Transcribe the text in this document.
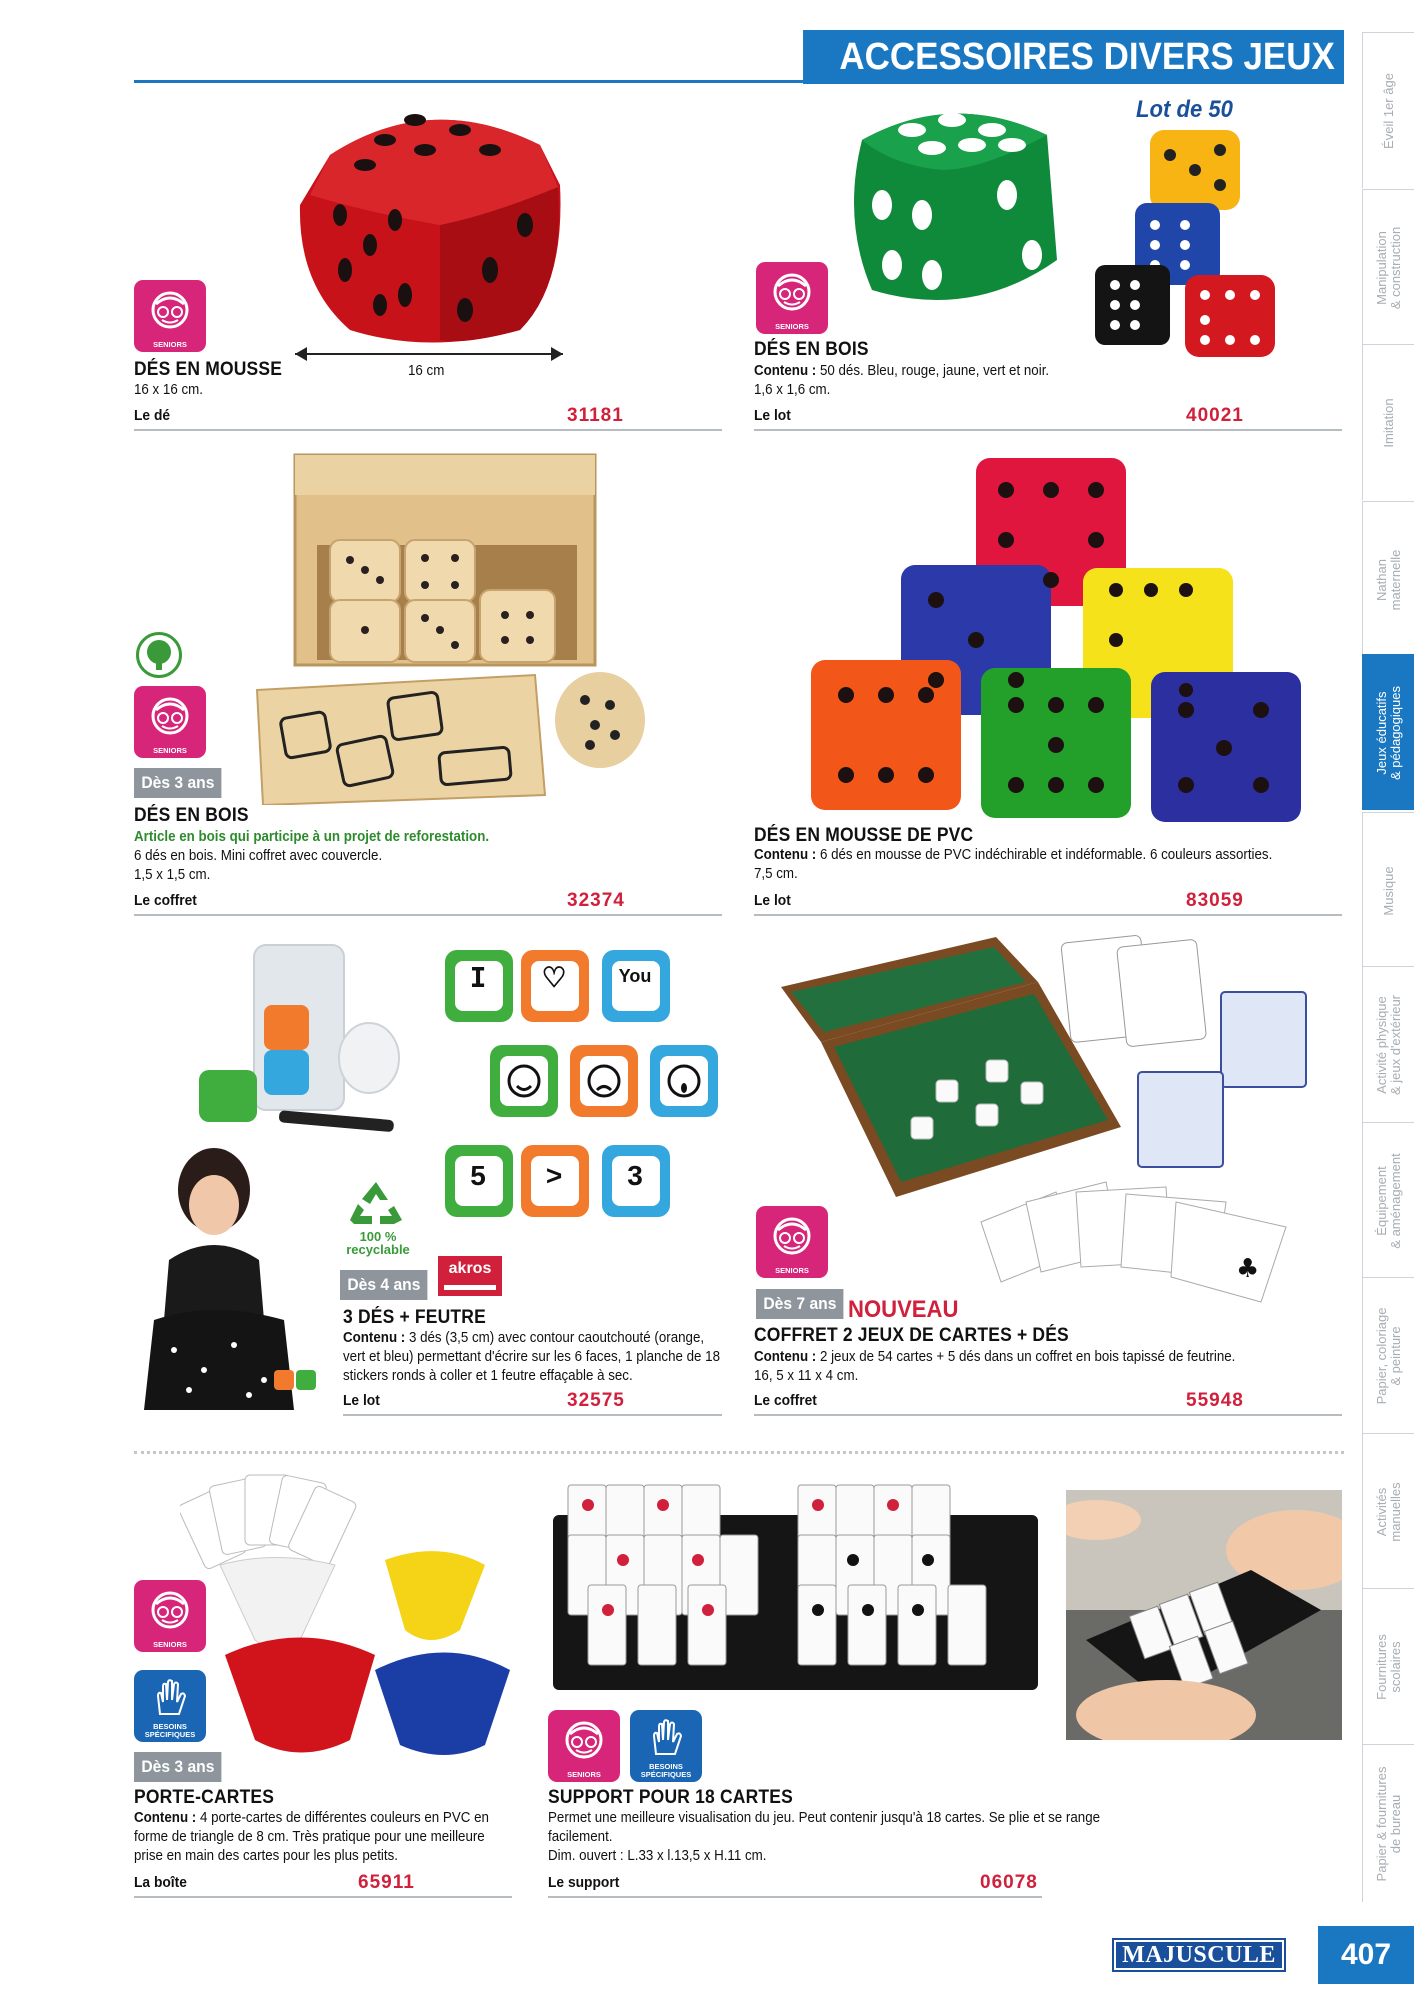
ACCESSOIRES DIVERS JEUX
Éveil 1er âge
Manipulation
& construction
Imitation
Nathan
maternelle
Jeux éducatifs
& pédagogiques
Musique
Activité physique
& jeux d'extérieur
Équipement
& aménagement
Papier, coloriage
& peinture
Activités
manuelles
Fournitures
scolaires
Papier & fournitures
de bureau
16 cm
SENIORS
DÉS EN MOUSSE
16 x 16 cm.
Le dé	31181
Lot de 50
SENIORS
DÉS EN BOIS
Contenu : 50 dés. Bleu, rouge, jaune, vert et noir.
1,6 x 1,6 cm.
Le lot	40021
SENIORS
Dès 3 ans
DÉS EN BOIS
Article en bois qui participe à un projet de reforestation.
6 dés en bois. Mini coffret avec couvercle.
1,5 x 1,5 cm.
Le coffret	32374
DÉS EN MOUSSE DE PVC
Contenu : 6 dés en mousse de PVC indéchirable et indéformable. 6 couleurs assorties.
7,5 cm.
Le lot	83059
I	♡	You
5	>	3
100 %
recyclable
akros
Dès 4 ans
3 DÉS + FEUTRE
Contenu : 3 dés (3,5 cm) avec contour caoutchouté (orange, vert et bleu) permettant d'écrire sur les 6 faces, 1 planche de 18 stickers ronds à coller et 1 feutre effaçable à sec.
Le lot	32575
♣
SENIORS
Dès 7 ans NOUVEAU
COFFRET 2 JEUX DE CARTES + DÉS
Contenu : 2 jeux de 54 cartes + 5 dés dans un coffret en bois tapissé de feutrine.
16, 5 x 11 x 4 cm.
Le coffret	55948
SENIORS
BESOINS SPÉCIFIQUES
Dès 3 ans
PORTE-CARTES
Contenu : 4 porte-cartes de différentes couleurs en PVC en forme de triangle de 8 cm. Très pratique pour une meilleure prise en main des cartes pour les plus petits.
La boîte	65911
SENIORS
BESOINS SPÉCIFIQUES
SUPPORT POUR 18 CARTES
Permet une meilleure visualisation du jeu. Peut contenir jusqu'à 18 cartes. Se plie et se range facilement.
Dim. ouvert : L.33 x l.13,5 x H.11 cm.
Le support	06078
MAJUSCULE	407
